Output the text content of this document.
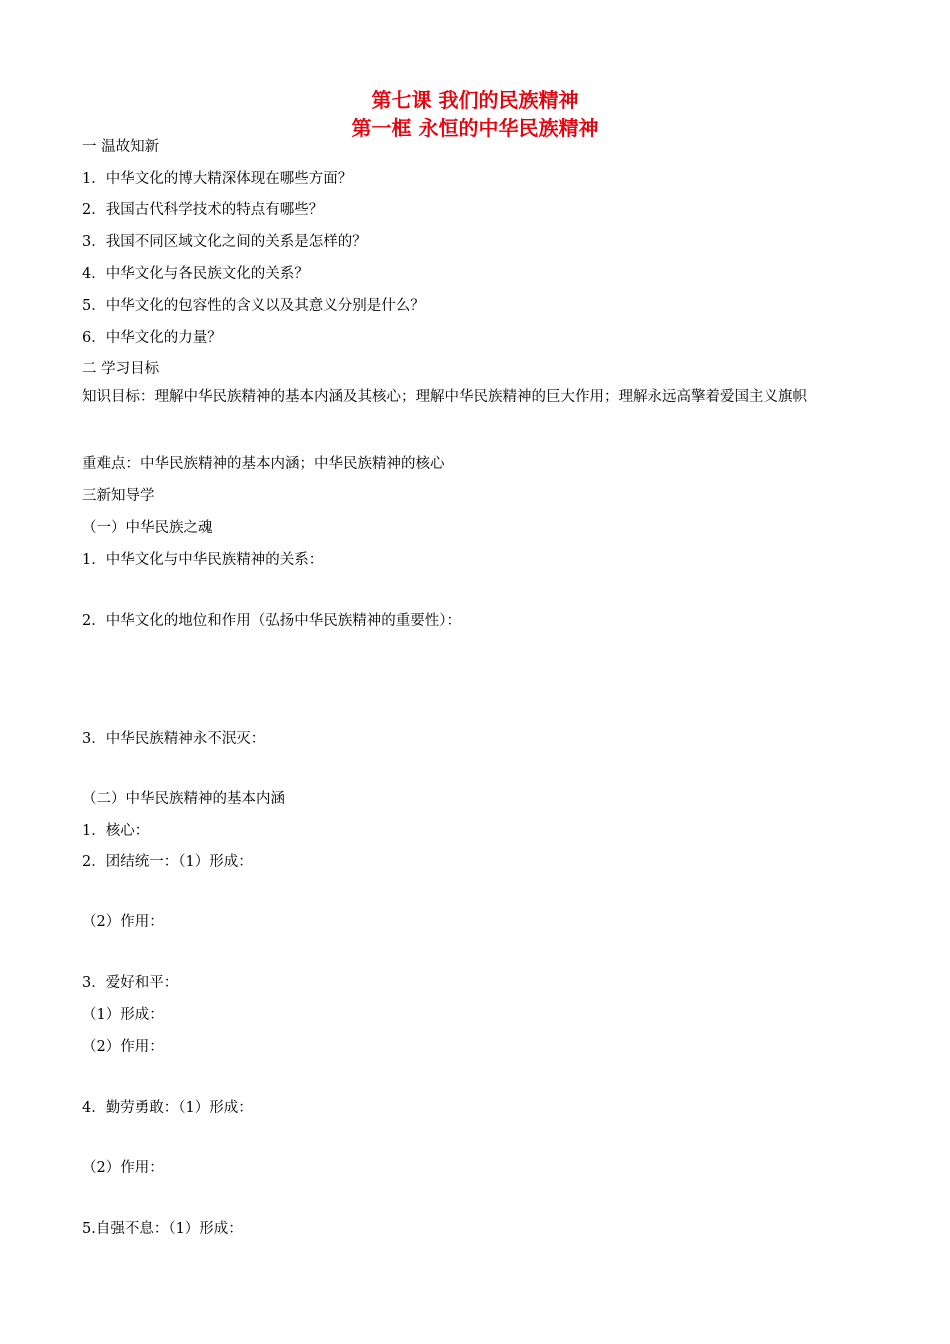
第七课 我们的民族精神
第一框 永恒的中华民族精神
一 温故知新
1．中华文化的博大精深体现在哪些方面？
2．我国古代科学技术的特点有哪些？
3．我国不同区域文化之间的关系是怎样的？
4．中华文化与各民族文化的关系？
5．中华文化的包容性的含义以及其意义分别是什么？
6．中华文化的力量？
二 学习目标
知识目标：理解中华民族精神的基本内涵及其核心；理解中华民族精神的巨大作用；理解永远高擎着爱国主义旗帜
重难点：中华民族精神的基本内涵；中华民族精神的核心
三新知导学
（一）中华民族之魂
1．中华文化与中华民族精神的关系：
2．中华文化的地位和作用（弘扬中华民族精神的重要性）：
3．中华民族精神永不泯灭：
（二）中华民族精神的基本内涵
1．核心：
2．团结统一：（1）形成：
（2）作用：
3．爱好和平：
（1）形成：
（2）作用：
4．勤劳勇敢：（1）形成：
（2）作用：
5.自强不息：（1）形成：
